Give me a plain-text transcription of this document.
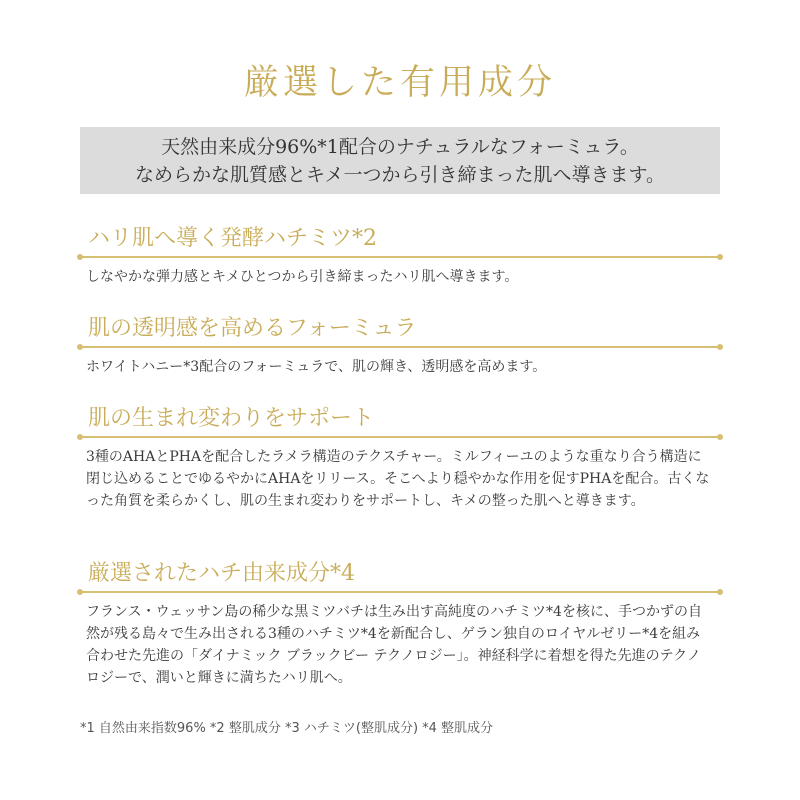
厳選した有用成分
天然由来成分96%*1配合のナチュラルなフォーミュラ。
なめらかな肌質感とキメ一つから引き締まった肌へ導きます。
ハリ肌へ導く発酵ハチミツ*2
しなやかな弾力感とキメひとつから引き締まったハリ肌へ導きます。
肌の透明感を高めるフォーミュラ
ホワイトハニー*3配合のフォーミュラで、肌の輝き、透明感を高めます。
肌の生まれ変わりをサポート
3種のAHAとPHAを配合したラメラ構造のテクスチャー。ミルフィーユのような重なり合う構造に閉じ込めることでゆるやかにAHAをリリース。そこへより穏やかな作用を促すPHAを配合。古くなった角質を柔らかくし、肌の生まれ変わりをサポートし、キメの整った肌へと導きます。
厳選されたハチ由来成分*4
フランス・ウェッサン島の稀少な黒ミツバチは生み出す高純度のハチミツ*4を核に、手つかずの自然が残る島々で生み出される3種のハチミツ*4を新配合し、ゲラン独自のロイヤルゼリー*4を組み合わせた先進の「ダイナミック ブラックビー テクノロジー」。神経科学に着想を得た先進のテクノロジーで、潤いと輝きに満ちたハリ肌へ。
*1 自然由来指数96% *2 整肌成分 *3 ハチミツ(整肌成分) *4 整肌成分
